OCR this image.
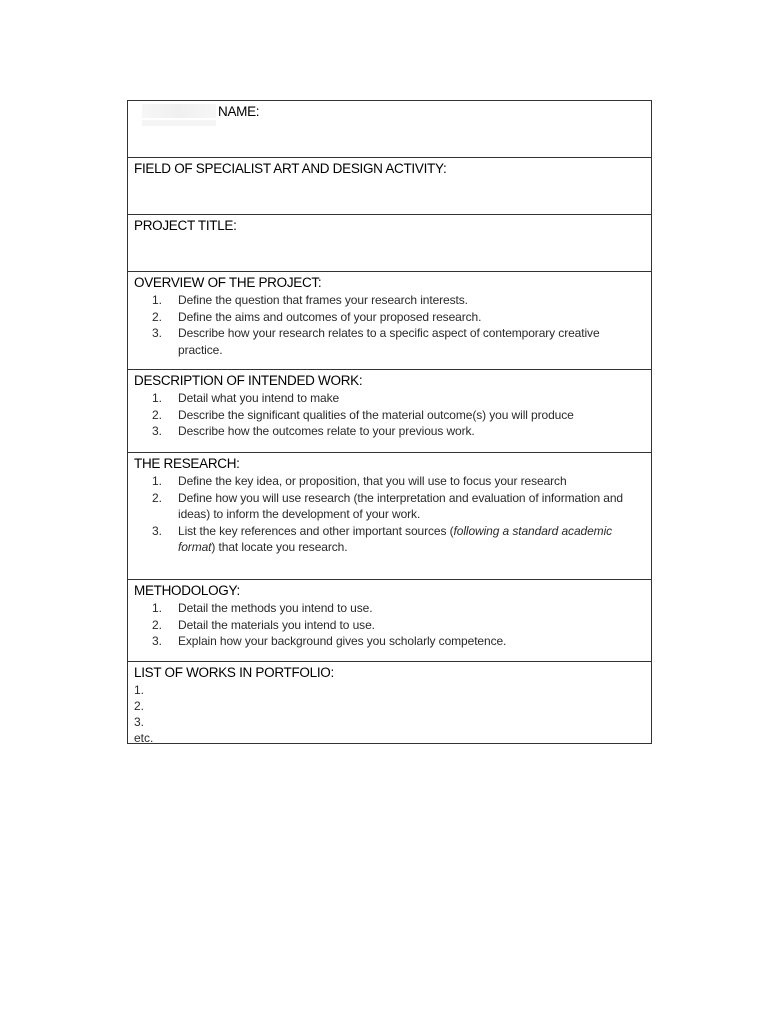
NAME:
FIELD OF SPECIALIST ART AND DESIGN ACTIVITY:
PROJECT TITLE:
OVERVIEW OF THE PROJECT:
1.	Define the question that frames your research interests.
2.	Define the aims and outcomes of your proposed research.
3.	Describe how your research relates to a specific aspect of contemporary creative practice.
DESCRIPTION OF INTENDED WORK:
1.	Detail what you intend to make
2.	Describe the significant qualities of the material outcome(s) you will produce
3.	Describe how the outcomes relate to your previous work.
THE RESEARCH:
1.	Define the key idea, or proposition, that you will use to focus your research
2.	Define how you will use research (the interpretation and evaluation of information and ideas) to inform the development of your work.
3.	List the key references and other important sources (following a standard academic format) that locate you research.
METHODOLOGY:
1.	Detail the methods you intend to use.
2.	Detail the materials you intend to use.
3.	Explain how your background gives you scholarly competence.
LIST OF WORKS IN PORTFOLIO:
1.
2.
3.
etc.
